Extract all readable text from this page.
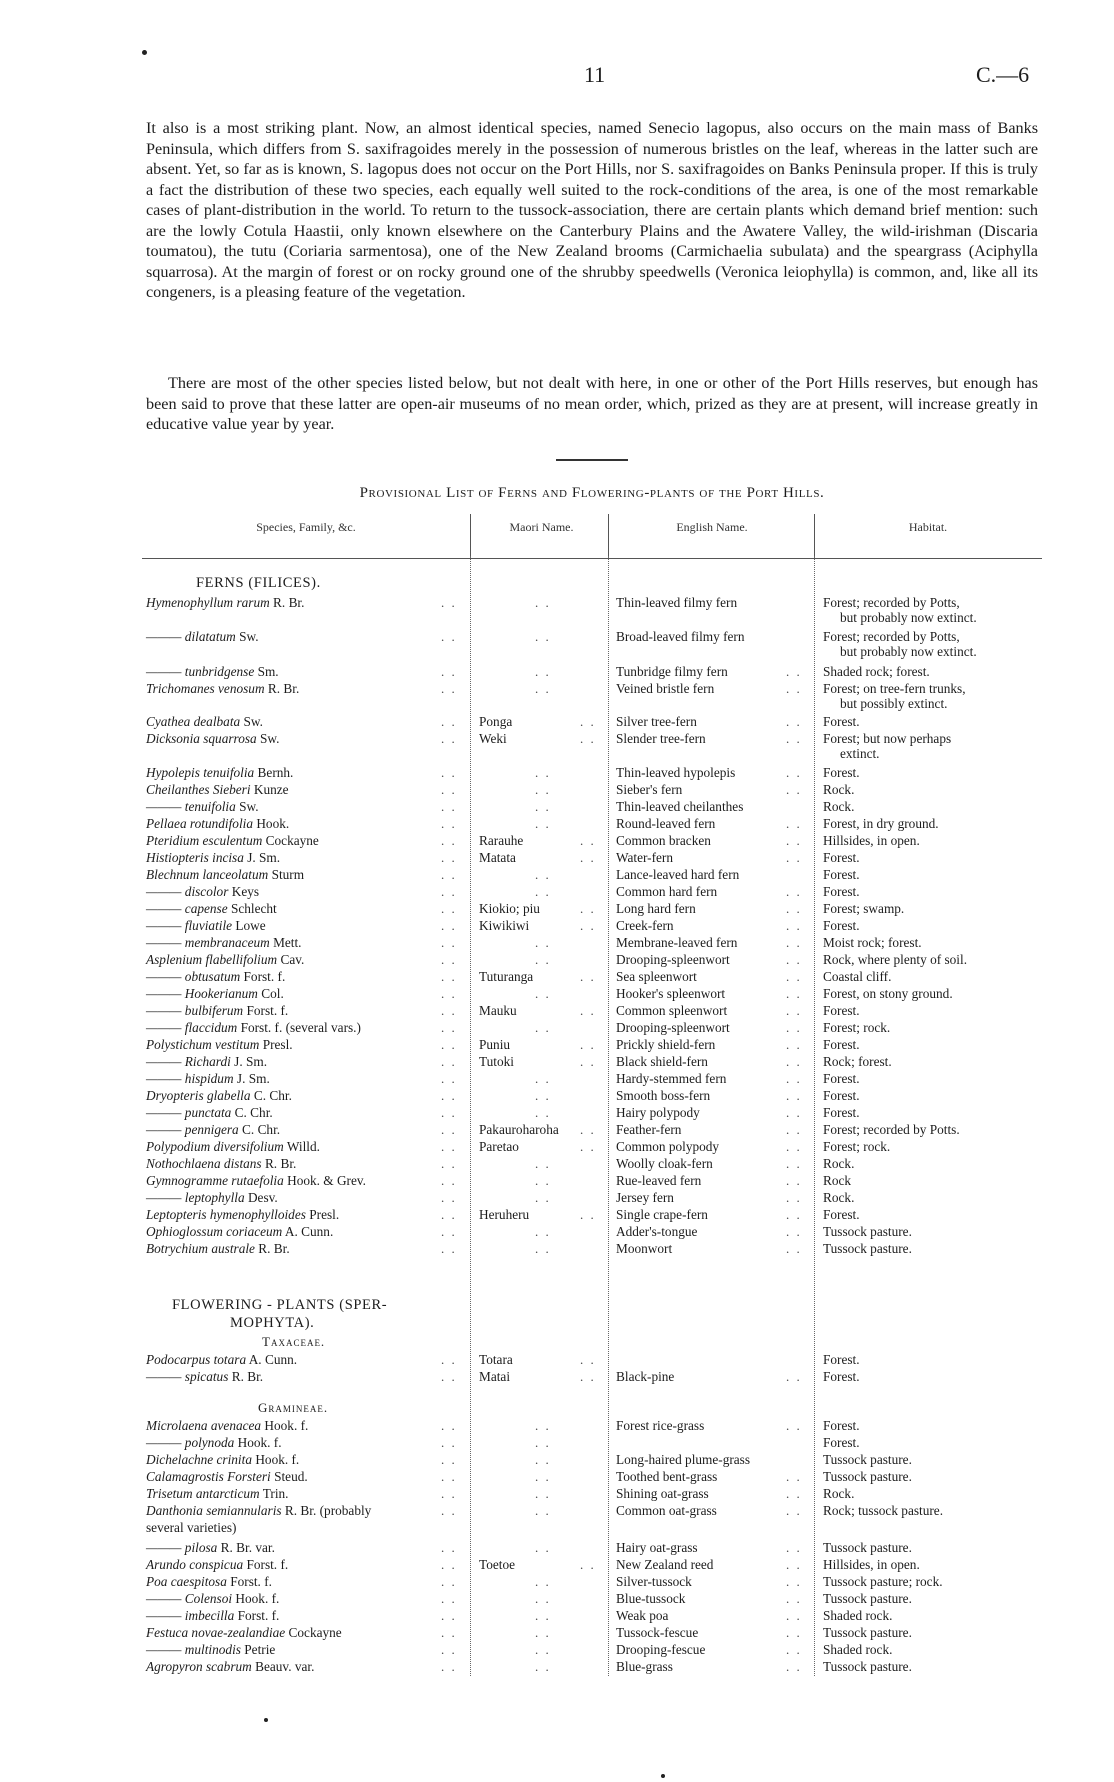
11	C.—6

It also is a most striking plant. Now, an almost identical species, named Senecio lagopus, also occurs on the main mass of Banks Peninsula, which differs from S. saxifragoides merely in the possession of numerous bristles on the leaf, whereas in the latter such are absent. Yet, so far as is known, S. lagopus does not occur on the Port Hills, nor S. saxifragoides on Banks Peninsula proper. If this is truly a fact the distribution of these two species, each equally well suited to the rock-conditions of the area, is one of the most remarkable cases of plant-distribution in the world. To return to the tussock-association, there are certain plants which demand brief mention: such are the lowly Cotula Haastii, only known elsewhere on the Canterbury Plains and the Awatere Valley, the wild-irishman (Discaria toumatou), the tutu (Coriaria sarmentosa), one of the New Zealand brooms (Carmichaelia subulata) and the speargrass (Aciphylla squarrosa). At the margin of forest or on rocky ground one of the shrubby speedwells (Veronica leiophylla) is common, and, like all its congeners, is a pleasing feature of the vegetation.

There are most of the other species listed below, but not dealt with here, in one or other of the Port Hills reserves, but enough has been said to prove that these latter are open-air museums of no mean order, which, prized as they are at present, will increase greatly in educative value year by year.

Provisional List of Ferns and Flowering-plants of the Port Hills.
Species, Family, &c.	Maori Name.	English Name.	Habitat.
FERNS (FILICES).
Hymenophyllum rarum R. Br.	. .	. .	Thin-leaved filmy fern	Forest; recorded by Potts,
but probably now extinct.
——— dilatatum Sw.	. .	. .	Broad-leaved filmy fern	Forest; recorded by Potts,
but probably now extinct.
——— tunbridgense Sm.	. .	. .	Tunbridge filmy fern	. . Shaded rock; forest.
Trichomanes venosum R. Br.	. .	. .	Veined bristle fern	. . Forest; on tree-fern trunks,
but possibly extinct.
Cyathea dealbata Sw.	. . Ponga	. . Silver tree-fern	. . Forest.
Dicksonia squarrosa Sw.	. . Weki	. . Slender tree-fern	. . Forest; but now perhaps
extinct.
Hypolepis tenuifolia Bernh.	. .	. .	Thin-leaved hypolepis	. . Forest.
Cheilanthes Sieberi Kunze	. .	. .	Sieber's fern	. . Rock.
——— tenuifolia Sw.	. .	. .	Thin-leaved cheilanthes	Rock.
Pellaea rotundifolia Hook.	. .	. .	Round-leaved fern	. . Forest, in dry ground.
Pteridium esculentum Cockayne	. . Rarauhe	. . Common bracken	. . Hillsides, in open.
Histiopteris incisa J. Sm.	. . Matata	. . Water-fern	. . Forest.
Blechnum lanceolatum Sturm	. .	. .	Lance-leaved hard fern	Forest.
——— discolor Keys	. .	. .	Common hard fern	. . Forest.
——— capense Schlecht	. . Kiokio; piu	. . Long hard fern	. . Forest; swamp.
——— fluviatile Lowe	. . Kiwikiwi	. . Creek-fern	. . Forest.
——— membranaceum Mett.	. .	. .	Membrane-leaved fern	. . Moist rock; forest.
Asplenium flabellifolium Cav.	. .	. .	Drooping-spleenwort	. . Rock, where plenty of soil.
——— obtusatum Forst. f.	. . Tuturanga	. . Sea spleenwort	. . Coastal cliff.
——— Hookerianum Col.	. .	. .	Hooker's spleenwort	. . Forest, on stony ground.
——— bulbiferum Forst. f.	. . Mauku	. . Common spleenwort	. . Forest.
——— flaccidum Forst. f. (several vars.)	. .	. .	Drooping-spleenwort	. . Forest; rock.
Polystichum vestitum Presl.	. . Puniu	. . Prickly shield-fern	. . Forest.
——— Richardi J. Sm.	. . Tutoki	. . Black shield-fern	. . Rock; forest.
——— hispidum J. Sm.	. .	. .	Hardy-stemmed fern	. . Forest.
Dryopteris glabella C. Chr.	. .	. .	Smooth boss-fern	. . Forest.
——— punctata C. Chr.	. .	. .	Hairy polypody	. . Forest.
——— pennigera C. Chr.	. . Pakauroharoha . . Feather-fern	. . Forest; recorded by Potts.
Polypodium diversifolium Willd.	. . Paretao	. . Common polypody	. . Forest; rock.
Nothochlaena distans R. Br.	. .	. .	Woolly cloak-fern	. . Rock.
Gymnogramme rutaefolia Hook. & Grev.	. .	. .	Rue-leaved fern	. . Rock
——— leptophylla Desv.	. .	. .	Jersey fern	. . Rock.
Leptopteris hymenophylloides Presl.	. . Heruheru	. . Single crape-fern	. . Forest.
Ophioglossum coriaceum A. Cunn.	. .	. .	Adder's-tongue	. . Tussock pasture.
Botrychium australe R. Br.	. .	. .	Moonwort	. . Tussock pasture.
FLOWERING - PLANTS (SPER-
MOPHYTA).
Taxaceae.
Podocarpus totara A. Cunn.	. . Totara	. .	Forest.
——— spicatus R. Br.	. . Matai	. . Black-pine	. . Forest.
Gramineae.
Microlaena avenacea Hook. f.	. .	. .	Forest rice-grass	. . Forest.
——— polynoda Hook. f.	. .	. .	Forest.
Dichelachne crinita Hook. f.	. .	. .	Long-haired plume-grass	Tussock pasture.
Calamagrostis Forsteri Steud.	. .	. .	Toothed bent-grass	. . Tussock pasture.
Trisetum antarcticum Trin.	. .	. .	Shining oat-grass	. . Rock.
Danthonia semiannularis R. Br. (probably	. .	. .	Common oat-grass	. . Rock; tussock pasture.
several varieties)
——— pilosa R. Br. var.	. .	. .	Hairy oat-grass	. . Tussock pasture.
Arundo conspicua Forst. f.	. . Toetoe	. . New Zealand reed	. . Hillsides, in open.
Poa caespitosa Forst. f.	. .	. .	Silver-tussock	. . Tussock pasture; rock.
——— Colensoi Hook. f.	. .	. .	Blue-tussock	. . Tussock pasture.
——— imbecilla Forst. f.	. .	. .	Weak poa	. . Shaded rock.
Festuca novae-zealandiae Cockayne	. .	. .	Tussock-fescue	. . Tussock pasture.
——— multinodis Petrie	. .	. .	Drooping-fescue	. . Shaded rock.
Agropyron scabrum Beauv. var.	. .	. .	Blue-grass	. . Tussock pasture.
